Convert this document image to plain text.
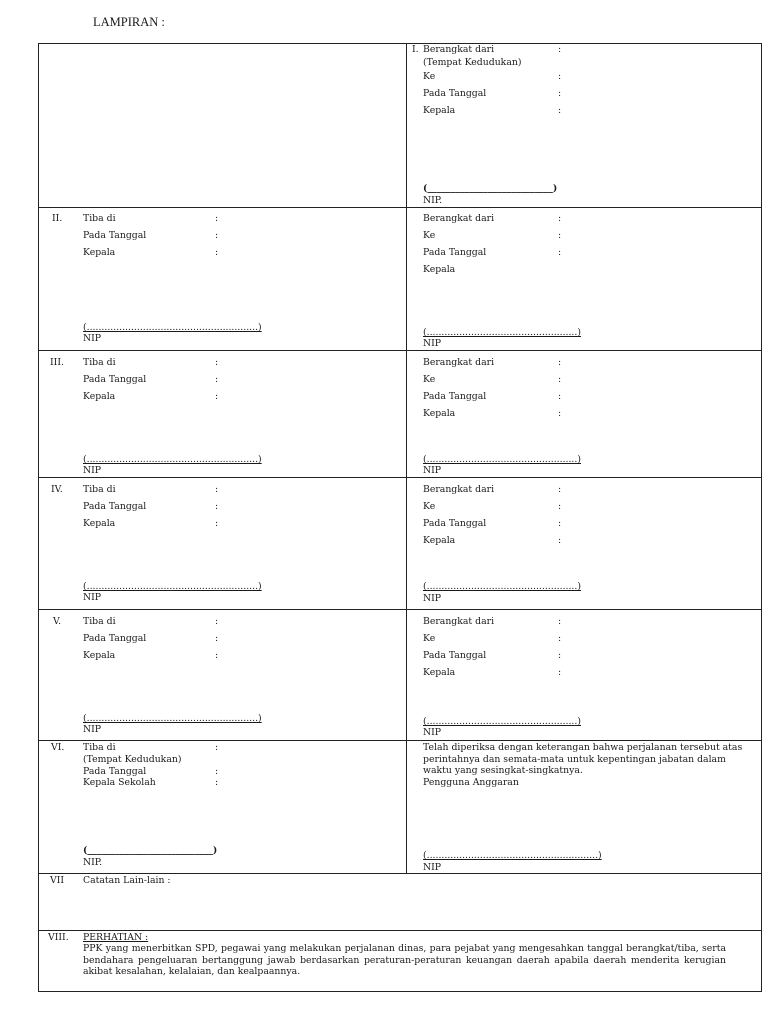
LAMPIRAN :
I. Berangkat dari	:
(Tempat Kedudukan)
Ke	:
Pada Tanggal	:
Kepala	:
(___________________________)
NIP.
II. Tiba di	:
Pada Tanggal	:
Kepala	:
(..........................................................)
NIP
Berangkat dari	:
Ke	:
Pada Tanggal	:
Kepala
(...................................................)
NIP
III. Tiba di	:
Pada Tanggal	:
Kepala	:
(..........................................................)
NIP
Berangkat dari	:
Ke	:
Pada Tanggal	:
Kepala	:
(...................................................)
NIP
IV. Tiba di	:
Pada Tanggal	:
Kepala	:
(..........................................................)
NIP
Berangkat dari	:
Ke	:
Pada Tanggal	:
Kepala	:
(...................................................)
NIP
V. Tiba di	:
Pada Tanggal	:
Kepala	:
(..........................................................)
NIP
Berangkat dari	:
Ke	:
Pada Tanggal	:
Kepala	:
(...................................................)
NIP
VI. Tiba di	:
(Tempat Kedudukan)
Pada Tanggal	:
Kepala Sekolah	:
(___________________________)
NIP.
Telah diperiksa dengan keterangan bahwa perjalanan tersebut atas perintahnya dan semata-mata untuk kepentingan jabatan dalam waktu yang sesingkat-singkatnya.
Pengguna Anggaran
(..........................................................)
NIP
VII Catatan Lain-lain :
VIII. PERHATIAN :
PPK yang menerbitkan SPD, pegawai yang melakukan perjalanan dinas, para pejabat yang mengesahkan tanggal berangkat/tiba, serta bendahara pengeluaran bertanggung jawab berdasarkan peraturan-peraturan keuangan daerah apabila daerah menderita kerugian akibat kesalahan, kelalaian, dan kealpaannya.
